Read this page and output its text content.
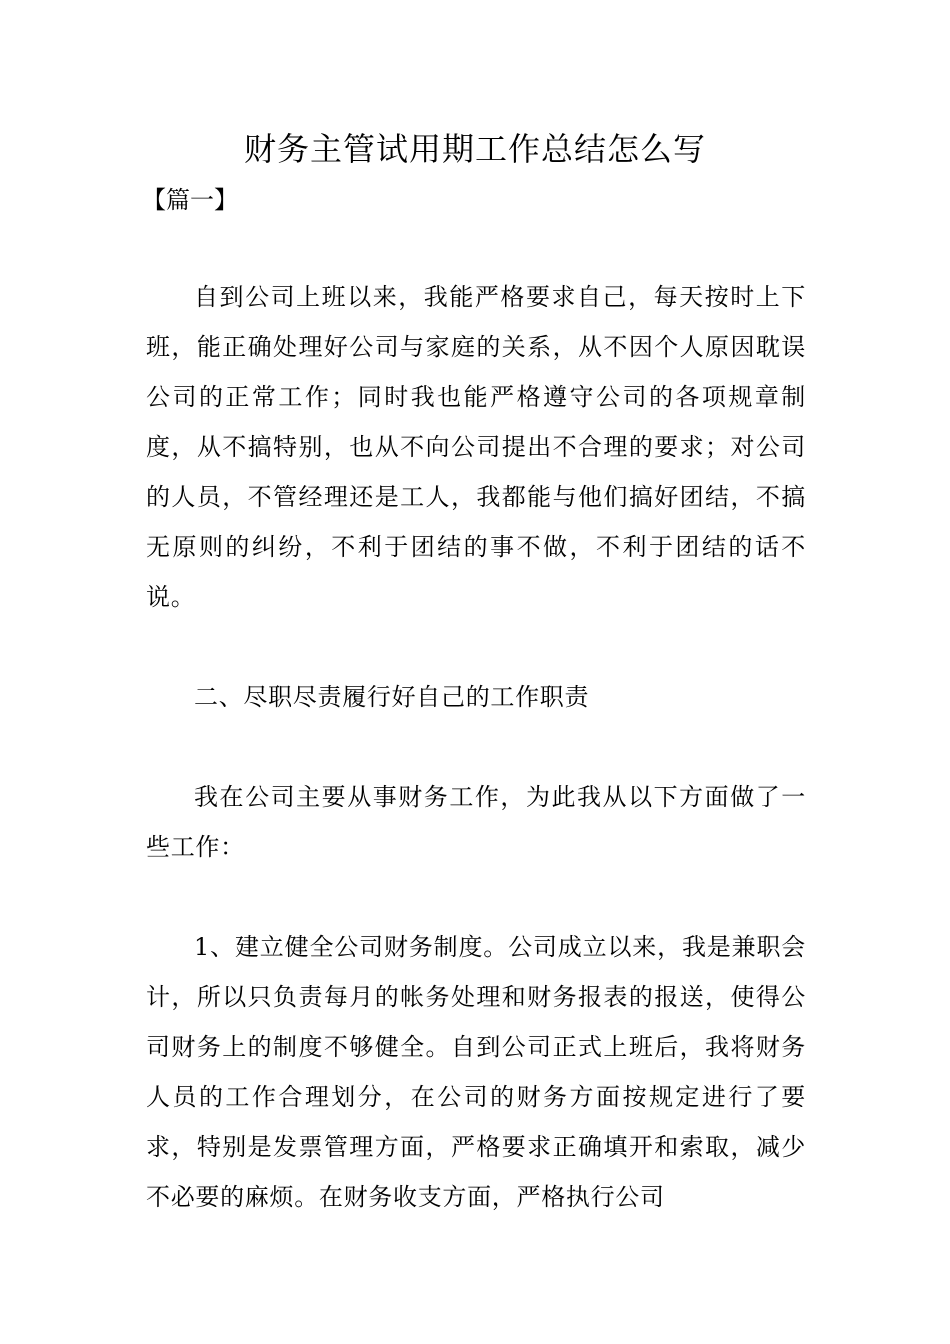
财务主管试用期工作总结怎么写
【篇一】

自到公司上班以来，我能严格要求自己，每天按时上下班，能正确处理好公司与家庭的关系，从不因个人原因耽误公司的正常工作；同时我也能严格遵守公司的各项规章制度，从不搞特别，也从不向公司提出不合理的要求；对公司的人员，不管经理还是工人，我都能与他们搞好团结，不搞无原则的纠纷，不利于团结的事不做，不利于团结的话不说。

二、尽职尽责履行好自己的工作职责

我在公司主要从事财务工作，为此我从以下方面做了一些工作：

1、建立健全公司财务制度。公司成立以来，我是兼职会计，所以只负责每月的帐务处理和财务报表的报送，使得公司财务上的制度不够健全。自到公司正式上班后，我将财务人员的工作合理划分，在公司的财务方面按规定进行了要求，特别是发票管理方面，严格要求正确填开和索取，减少不必要的麻烦。在财务收支方面，严格执行公司
